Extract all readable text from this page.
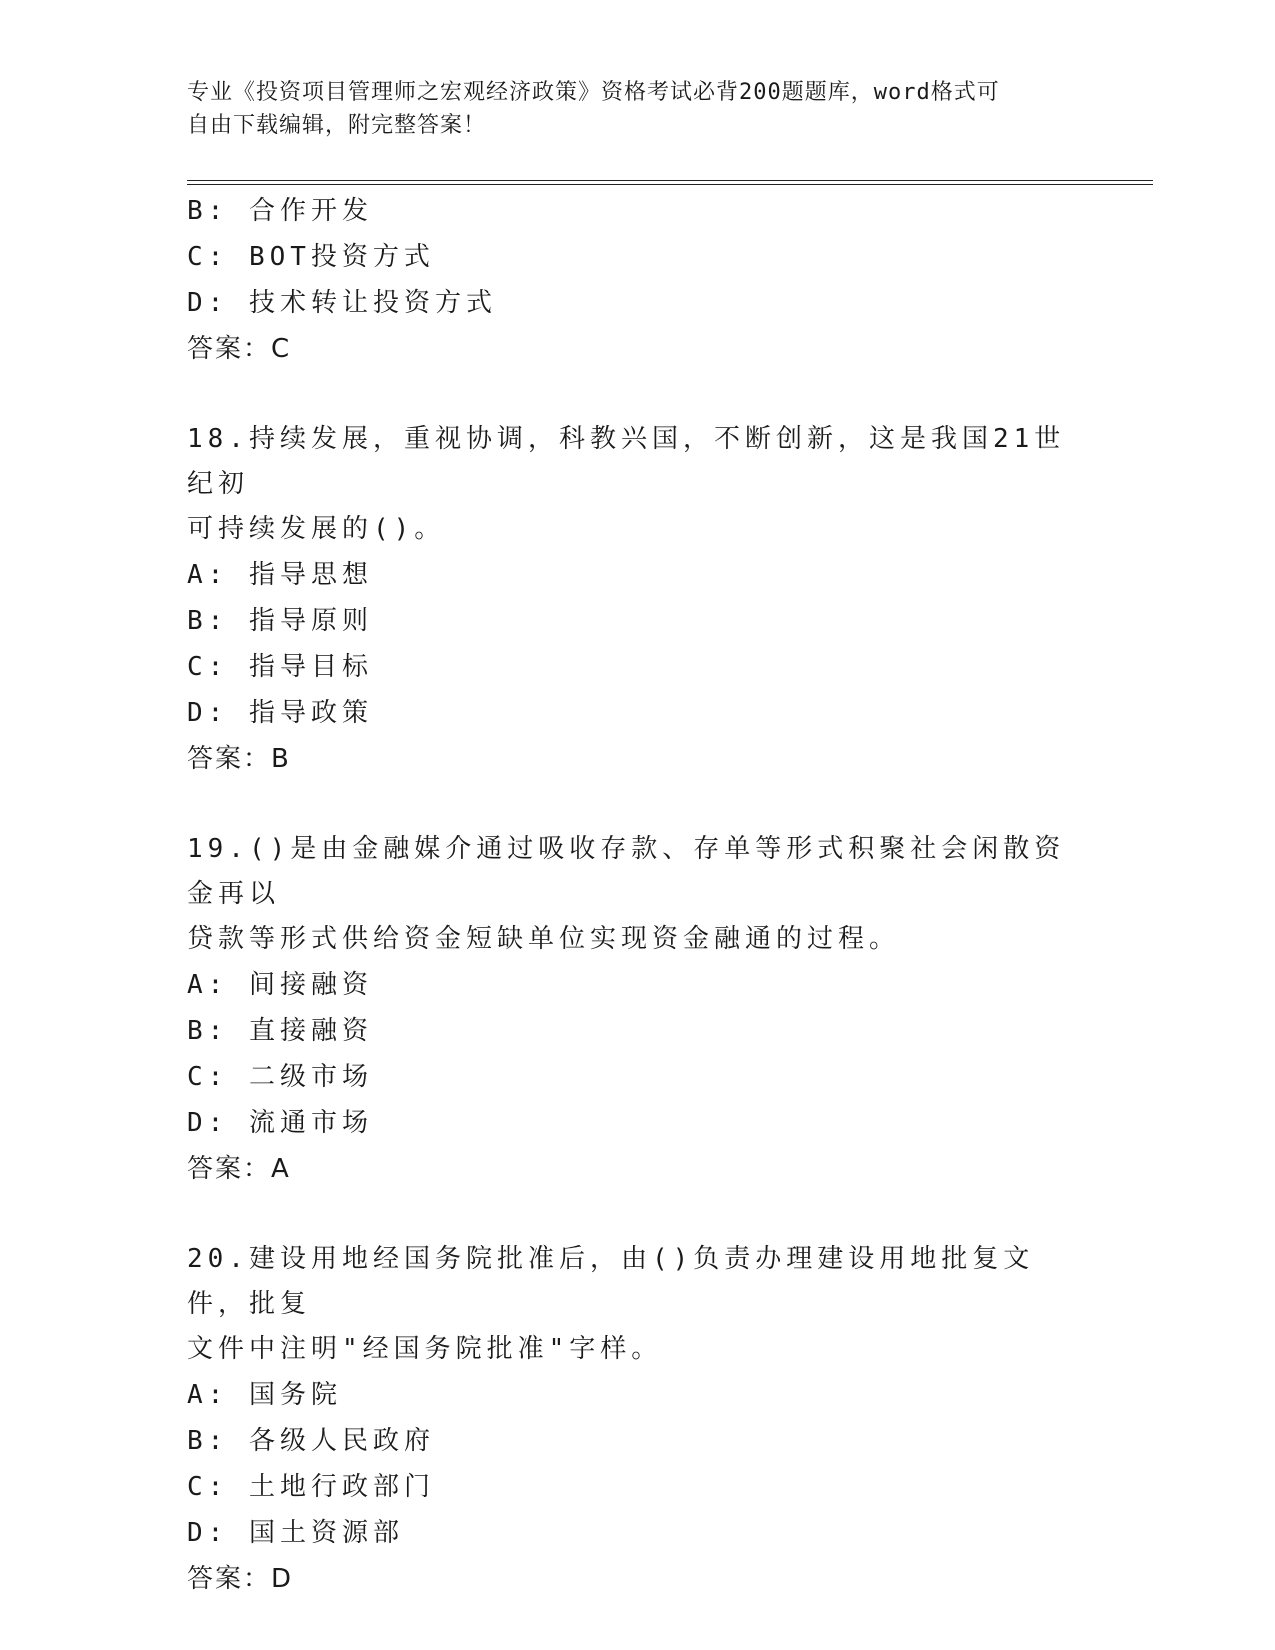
专业《投资项目管理师之宏观经济政策》资格考试必背200题题库，word格式可
自由下载编辑，附完整答案！
B: 合作开发
C: BOT投资方式
D: 技术转让投资方式
答案：C
18.持续发展，重视协调，科教兴国，不断创新，这是我国21世纪初
可持续发展的()。
A: 指导思想
B: 指导原则
C: 指导目标
D: 指导政策
答案：B
19.()是由金融媒介通过吸收存款、存单等形式积聚社会闲散资金再以
贷款等形式供给资金短缺单位实现资金融通的过程。
A: 间接融资
B: 直接融资
C: 二级市场
D: 流通市场
答案：A
20.建设用地经国务院批准后，由()负责办理建设用地批复文件，批复
文件中注明"经国务院批准"字样。
A: 国务院
B: 各级人民政府
C: 土地行政部门
D: 国土资源部
答案：D
